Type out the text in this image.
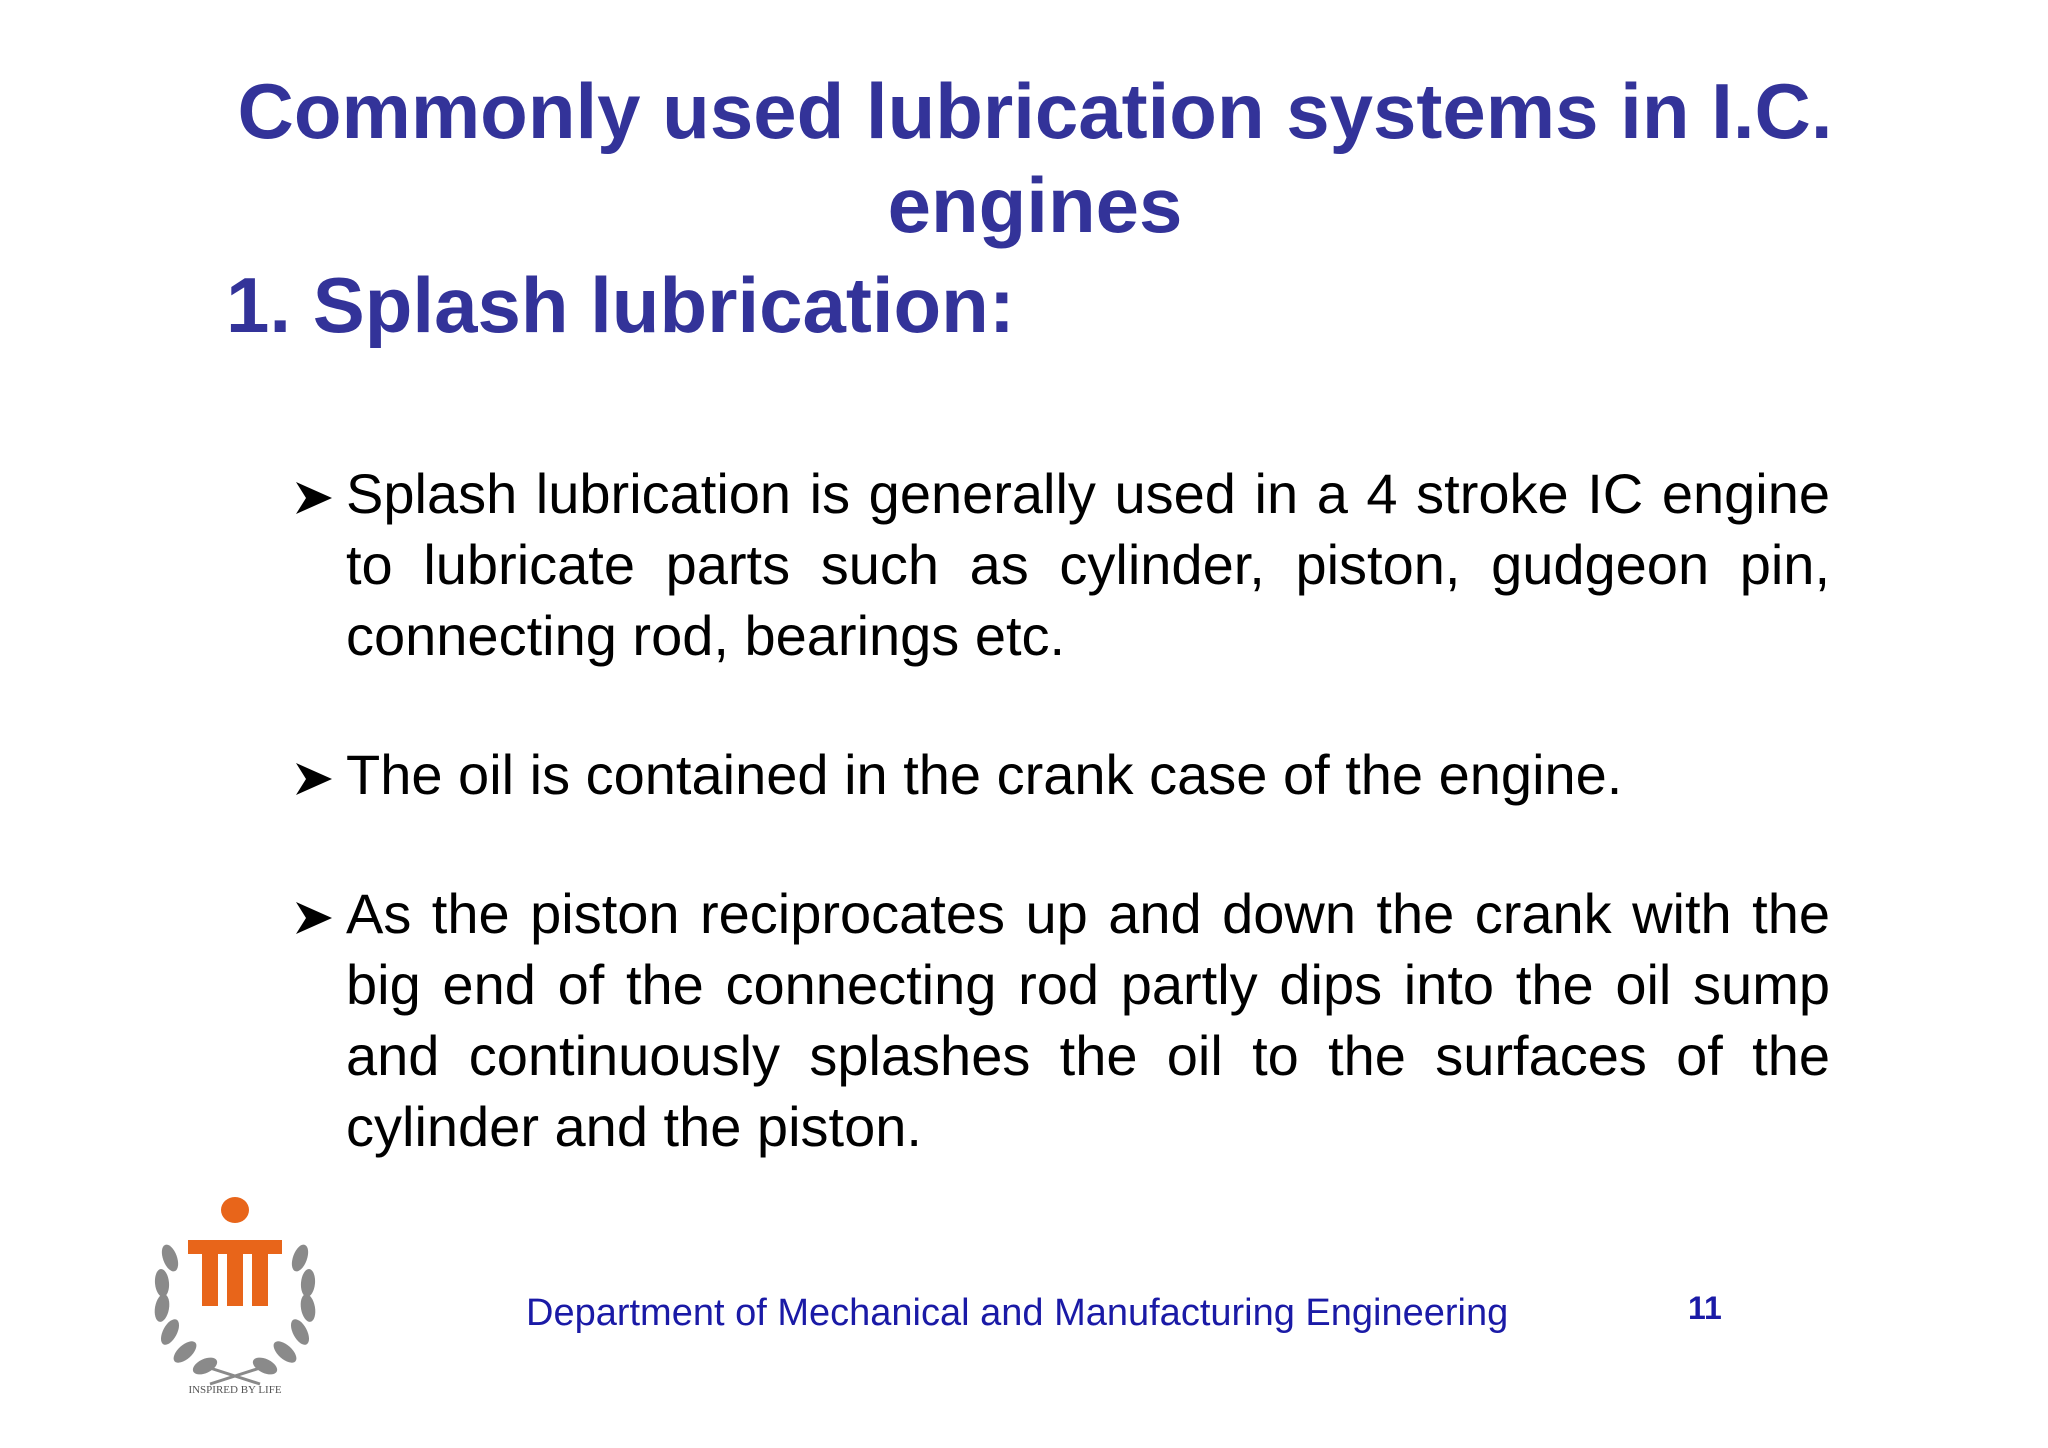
Commonly used lubrication systems in I.C. engines
1. Splash lubrication:
Splash lubrication is generally used in a 4 stroke IC engine to lubricate parts such as cylinder, piston, gudgeon pin, connecting rod, bearings etc.
The oil is contained in the crank case of the engine.
As the piston reciprocates up and down the crank with the big end of the connecting rod partly dips into the oil sump and continuously splashes the oil to the surfaces of the cylinder and the piston.
INSPIRED BY LIFE

Department of Mechanical and Manufacturing Engineering	11
